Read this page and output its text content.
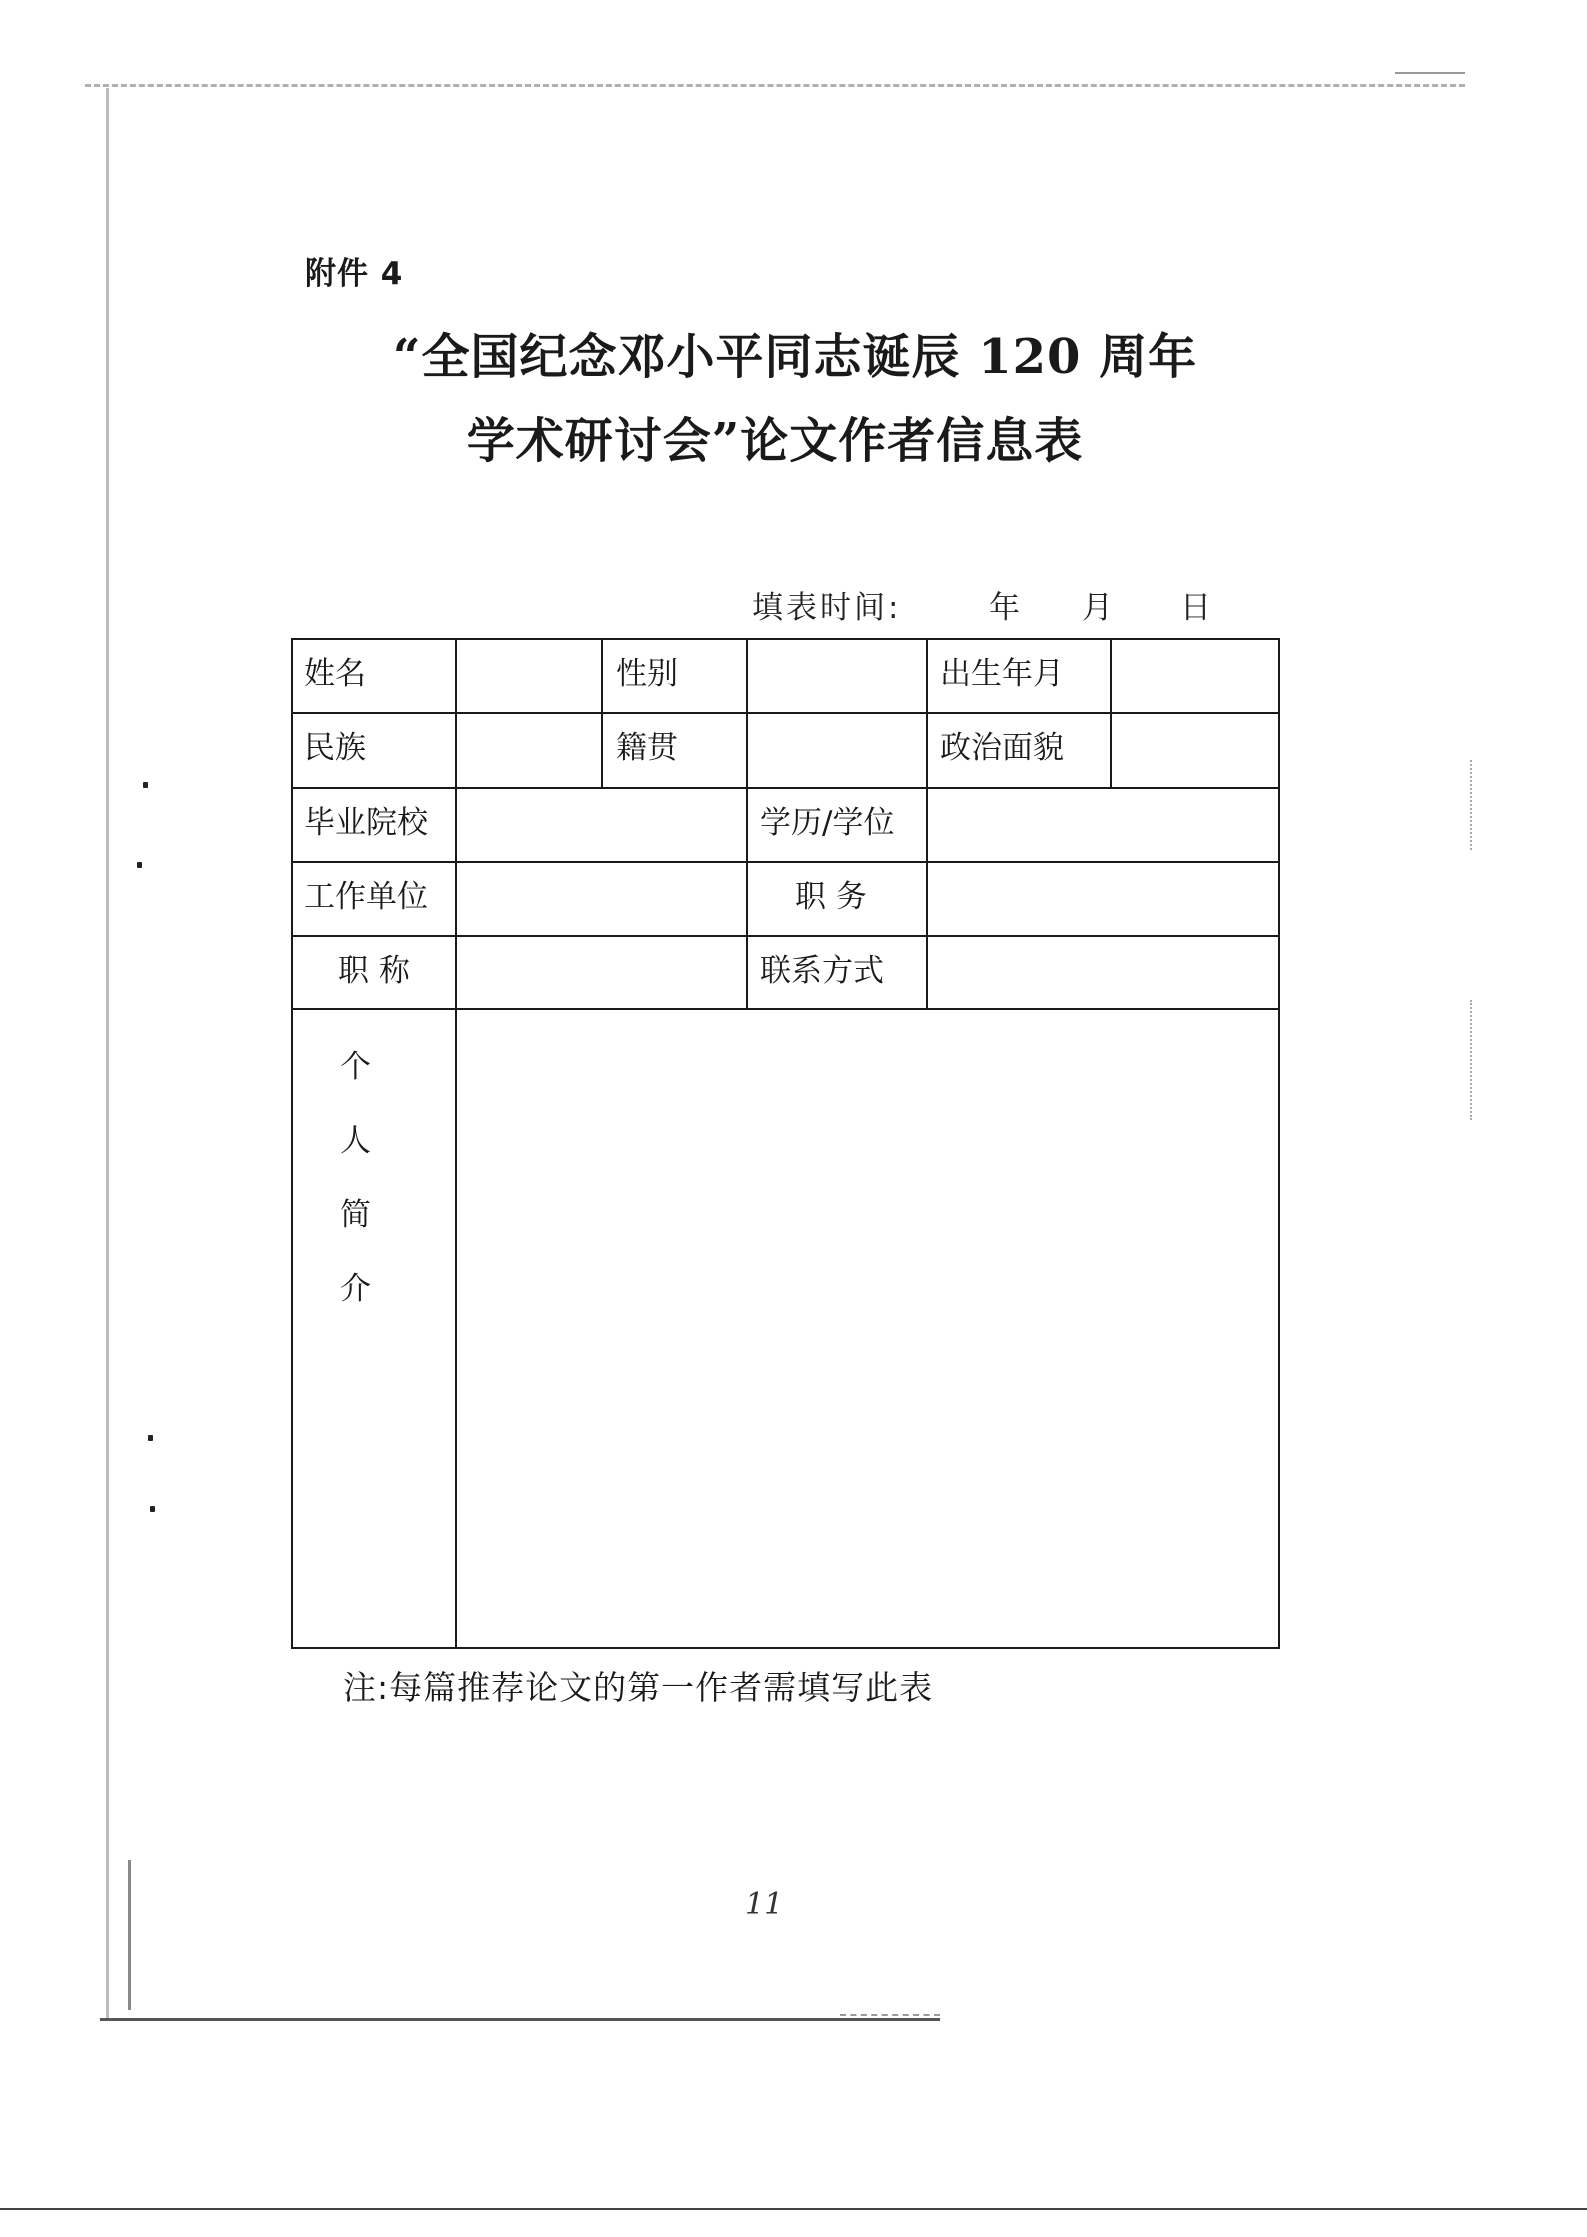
附件 4
“全国纪念邓小平同志诞辰 120 周年
学术研讨会”论文作者信息表
填表时间:	年 月 日
姓名	性别	出生年月
民族	籍贯	政治面貌
毕业院校	学历/学位
工作单位	职 务
职 称	联系方式
个
人
简
介
注:每篇推荐论文的第一作者需填写此表
11
